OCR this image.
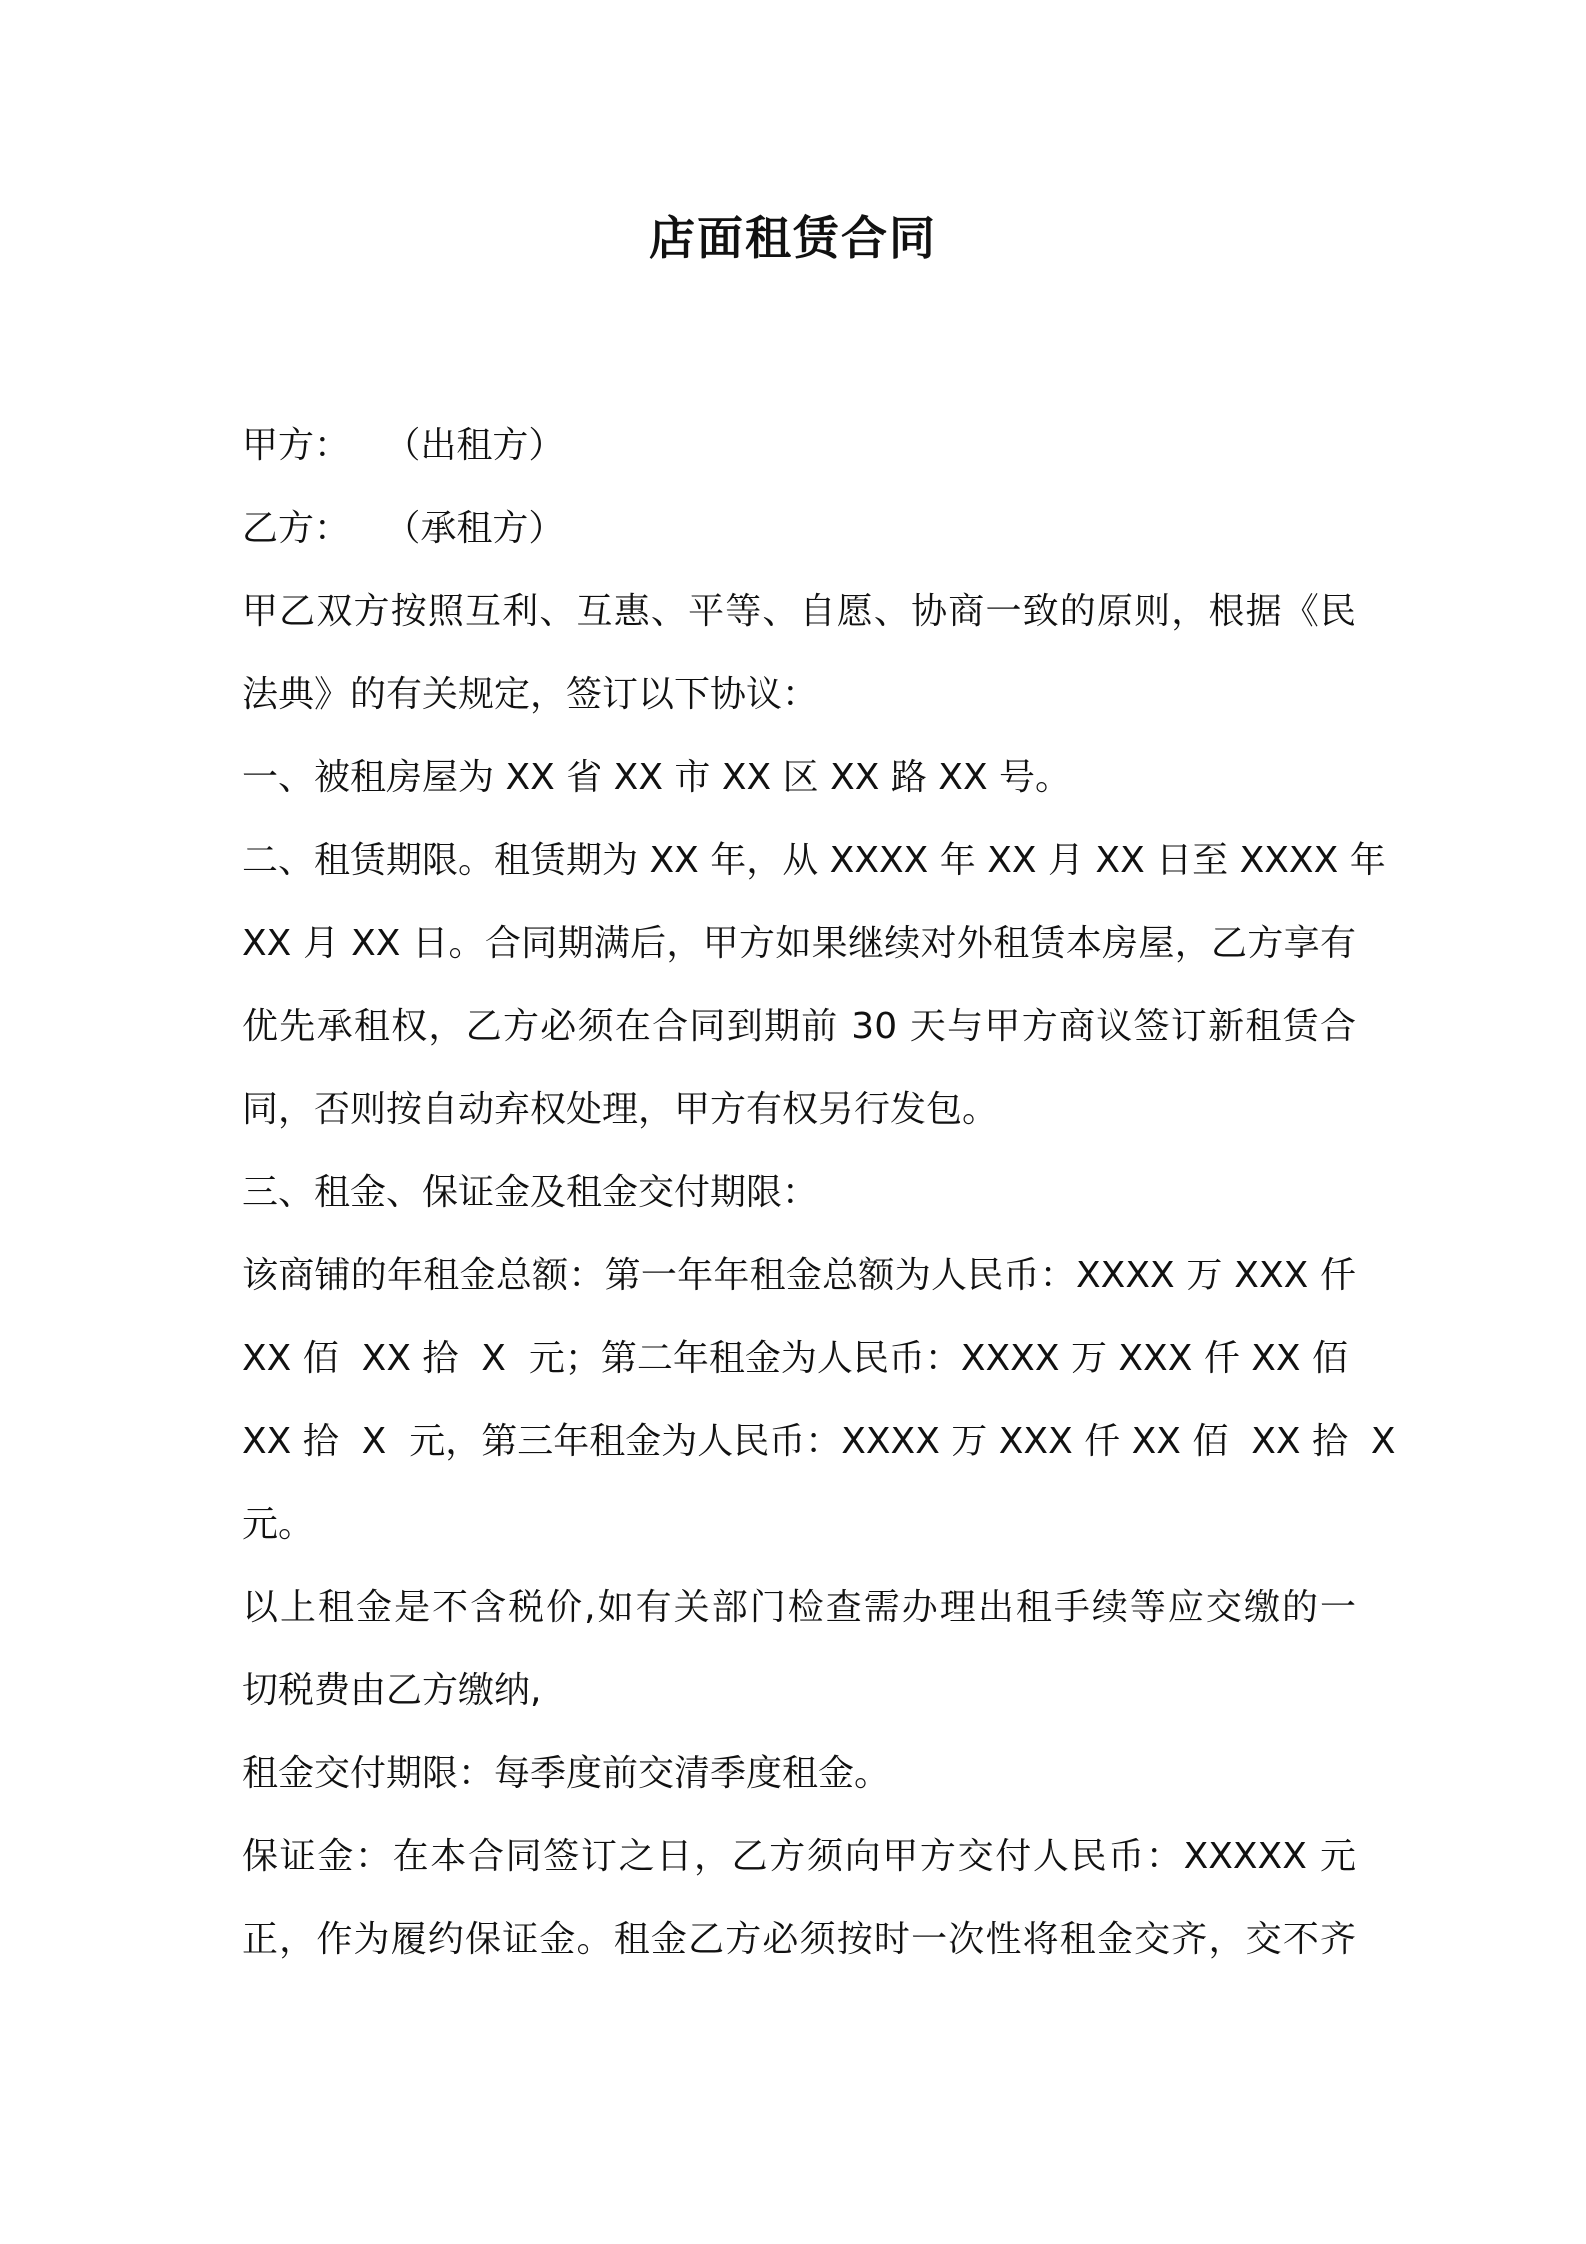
店面租赁合同
甲方：   （出租方）
乙方：   （承租方）
甲乙双方按照互利、互惠、平等、自愿、协商一致的原则，根据《民
法典》的有关规定，签订以下协议：
一、被租房屋为 XX 省 XX 市 XX 区 XX 路 XX 号。
二、租赁期限。租赁期为 XX 年，从 XXXX 年 XX 月 XX 日至 XXXX 年
XX 月 XX 日。合同期满后，甲方如果继续对外租赁本房屋，乙方享有
优先承租权，乙方必须在合同到期前 30 天与甲方商议签订新租赁合
同，否则按自动弃权处理，甲方有权另行发包。
三、租金、保证金及租金交付期限：
该商铺的年租金总额：第一年年租金总额为人民币：XXXX 万 XXX 仟
XX 佰  XX 拾  X  元；第二年租金为人民币：XXXX 万 XXX 仟 XX 佰
XX 拾  X  元，第三年租金为人民币：XXXX 万 XXX 仟 XX 佰  XX 拾  X
元。
以上租金是不含税价,如有关部门检查需办理出租手续等应交缴的一
切税费由乙方缴纳,
租金交付期限：每季度前交清季度租金。
保证金：在本合同签订之日，乙方须向甲方交付人民币：XXXXX 元
正，作为履约保证金。租金乙方必须按时一次性将租金交齐，交不齐
